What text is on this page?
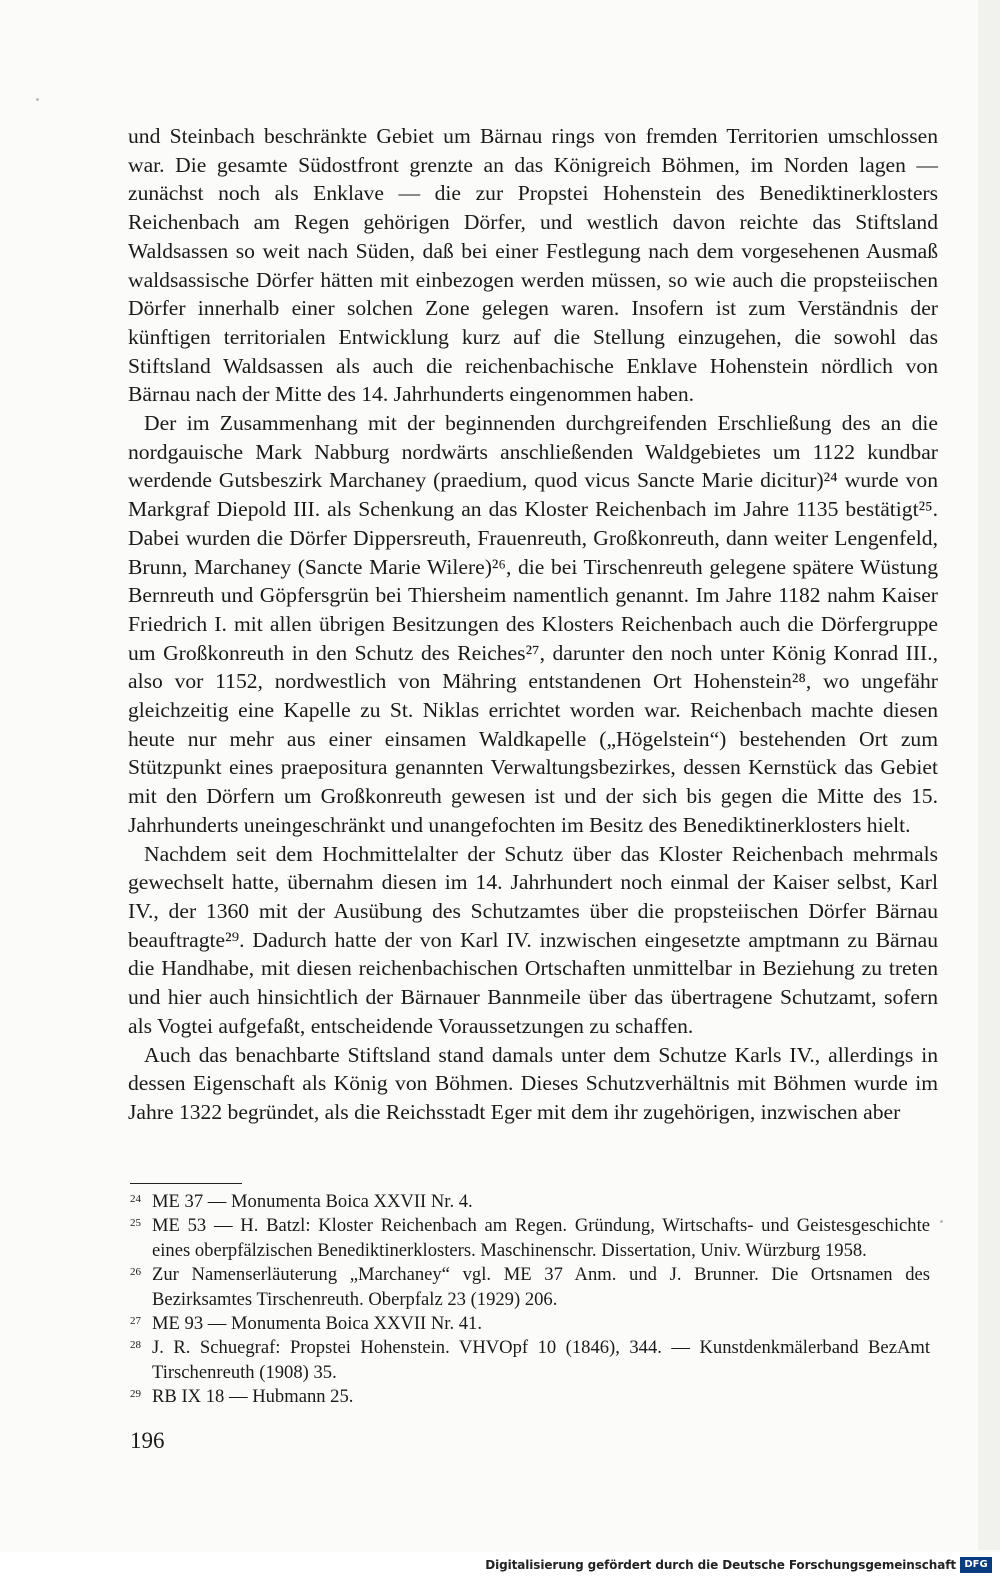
und Steinbach beschränkte Gebiet um Bärnau rings von fremden Territorien umschlossen war. Die gesamte Südostfront grenzte an das Königreich Böhmen, im Norden lagen — zunächst noch als Enklave — die zur Propstei Hohenstein des Benediktinerklosters Reichenbach am Regen gehörigen Dörfer, und westlich davon reichte das Stiftsland Waldsassen so weit nach Süden, daß bei einer Festlegung nach dem vorgesehenen Ausmaß waldsassische Dörfer hätten mit einbezogen werden müssen, so wie auch die propsteiischen Dörfer innerhalb einer solchen Zone gelegen waren. Insofern ist zum Verständnis der künftigen territorialen Entwicklung kurz auf die Stellung einzugehen, die sowohl das Stiftsland Waldsassen als auch die reichenbachische Enklave Hohenstein nördlich von Bärnau nach der Mitte des 14. Jahrhunderts eingenommen haben.

Der im Zusammenhang mit der beginnenden durchgreifenden Erschließung des an die nordgauische Mark Nabburg nordwärts anschließenden Waldgebietes um 1122 kundbar werdende Gutsbeszirk Marchaney (praedium, quod vicus Sancte Marie dicitur)²⁴ wurde von Markgraf Diepold III. als Schenkung an das Kloster Reichenbach im Jahre 1135 bestätigt²⁵. Dabei wurden die Dörfer Dippersreuth, Frauenreuth, Großkonreuth, dann weiter Lengenfeld, Brunn, Marchaney (Sancte Marie Wilere)²⁶, die bei Tirschenreuth gelegene spätere Wüstung Bernreuth und Göpfersgrün bei Thiersheim namentlich genannt. Im Jahre 1182 nahm Kaiser Friedrich I. mit allen übrigen Besitzungen des Klosters Reichenbach auch die Dörfergruppe um Großkonreuth in den Schutz des Reiches²⁷, darunter den noch unter König Konrad III., also vor 1152, nordwestlich von Mähring entstandenen Ort Hohenstein²⁸, wo ungefähr gleichzeitig eine Kapelle zu St. Niklas errichtet worden war. Reichenbach machte diesen heute nur mehr aus einer einsamen Waldkapelle („Högelstein“) bestehenden Ort zum Stützpunkt eines praepositura genannten Verwaltungsbezirkes, dessen Kernstück das Gebiet mit den Dörfern um Großkonreuth gewesen ist und der sich bis gegen die Mitte des 15. Jahrhunderts uneingeschränkt und unangefochten im Besitz des Benediktinerklosters hielt.

Nachdem seit dem Hochmittelalter der Schutz über das Kloster Reichenbach mehrmals gewechselt hatte, übernahm diesen im 14. Jahrhundert noch einmal der Kaiser selbst, Karl IV., der 1360 mit der Ausübung des Schutzamtes über die propsteiischen Dörfer Bärnau beauftragte²⁹. Dadurch hatte der von Karl IV. inzwischen eingesetzte amptmann zu Bärnau die Handhabe, mit diesen reichenbachischen Ortschaften unmittelbar in Beziehung zu treten und hier auch hinsichtlich der Bärnauer Bannmeile über das übertragene Schutzamt, sofern als Vogtei aufgefaßt, entscheidende Voraussetzungen zu schaffen.

Auch das benachbarte Stiftsland stand damals unter dem Schutze Karls IV., allerdings in dessen Eigenschaft als König von Böhmen. Dieses Schutzverhältnis mit Böhmen wurde im Jahre 1322 begründet, als die Reichsstadt Eger mit dem ihr zugehörigen, inzwischen aber

24 ME 37 — Monumenta Boica XXVII Nr. 4.
25 ME 53 — H. Batzl: Kloster Reichenbach am Regen. Gründung, Wirtschafts- und Geistesgeschichte eines oberpfälzischen Benediktinerklosters. Maschinenschr. Dissertation, Univ. Würzburg 1958.
26 Zur Namenserläuterung „Marchaney“ vgl. ME 37 Anm. und J. Brunner. Die Ortsnamen des Bezirksamtes Tirschenreuth. Oberpfalz 23 (1929) 206.
27 ME 93 — Monumenta Boica XXVII Nr. 41.
28 J. R. Schuegraf: Propstei Hohenstein. VHVOpf 10 (1846), 344. — Kunstdenkmälerband BezAmt Tirschenreuth (1908) 35.
29 RB IX 18 — Hubmann 25.
196
Digitalisierung gefördert durch die Deutsche Forschungsgemeinschaft DFG
